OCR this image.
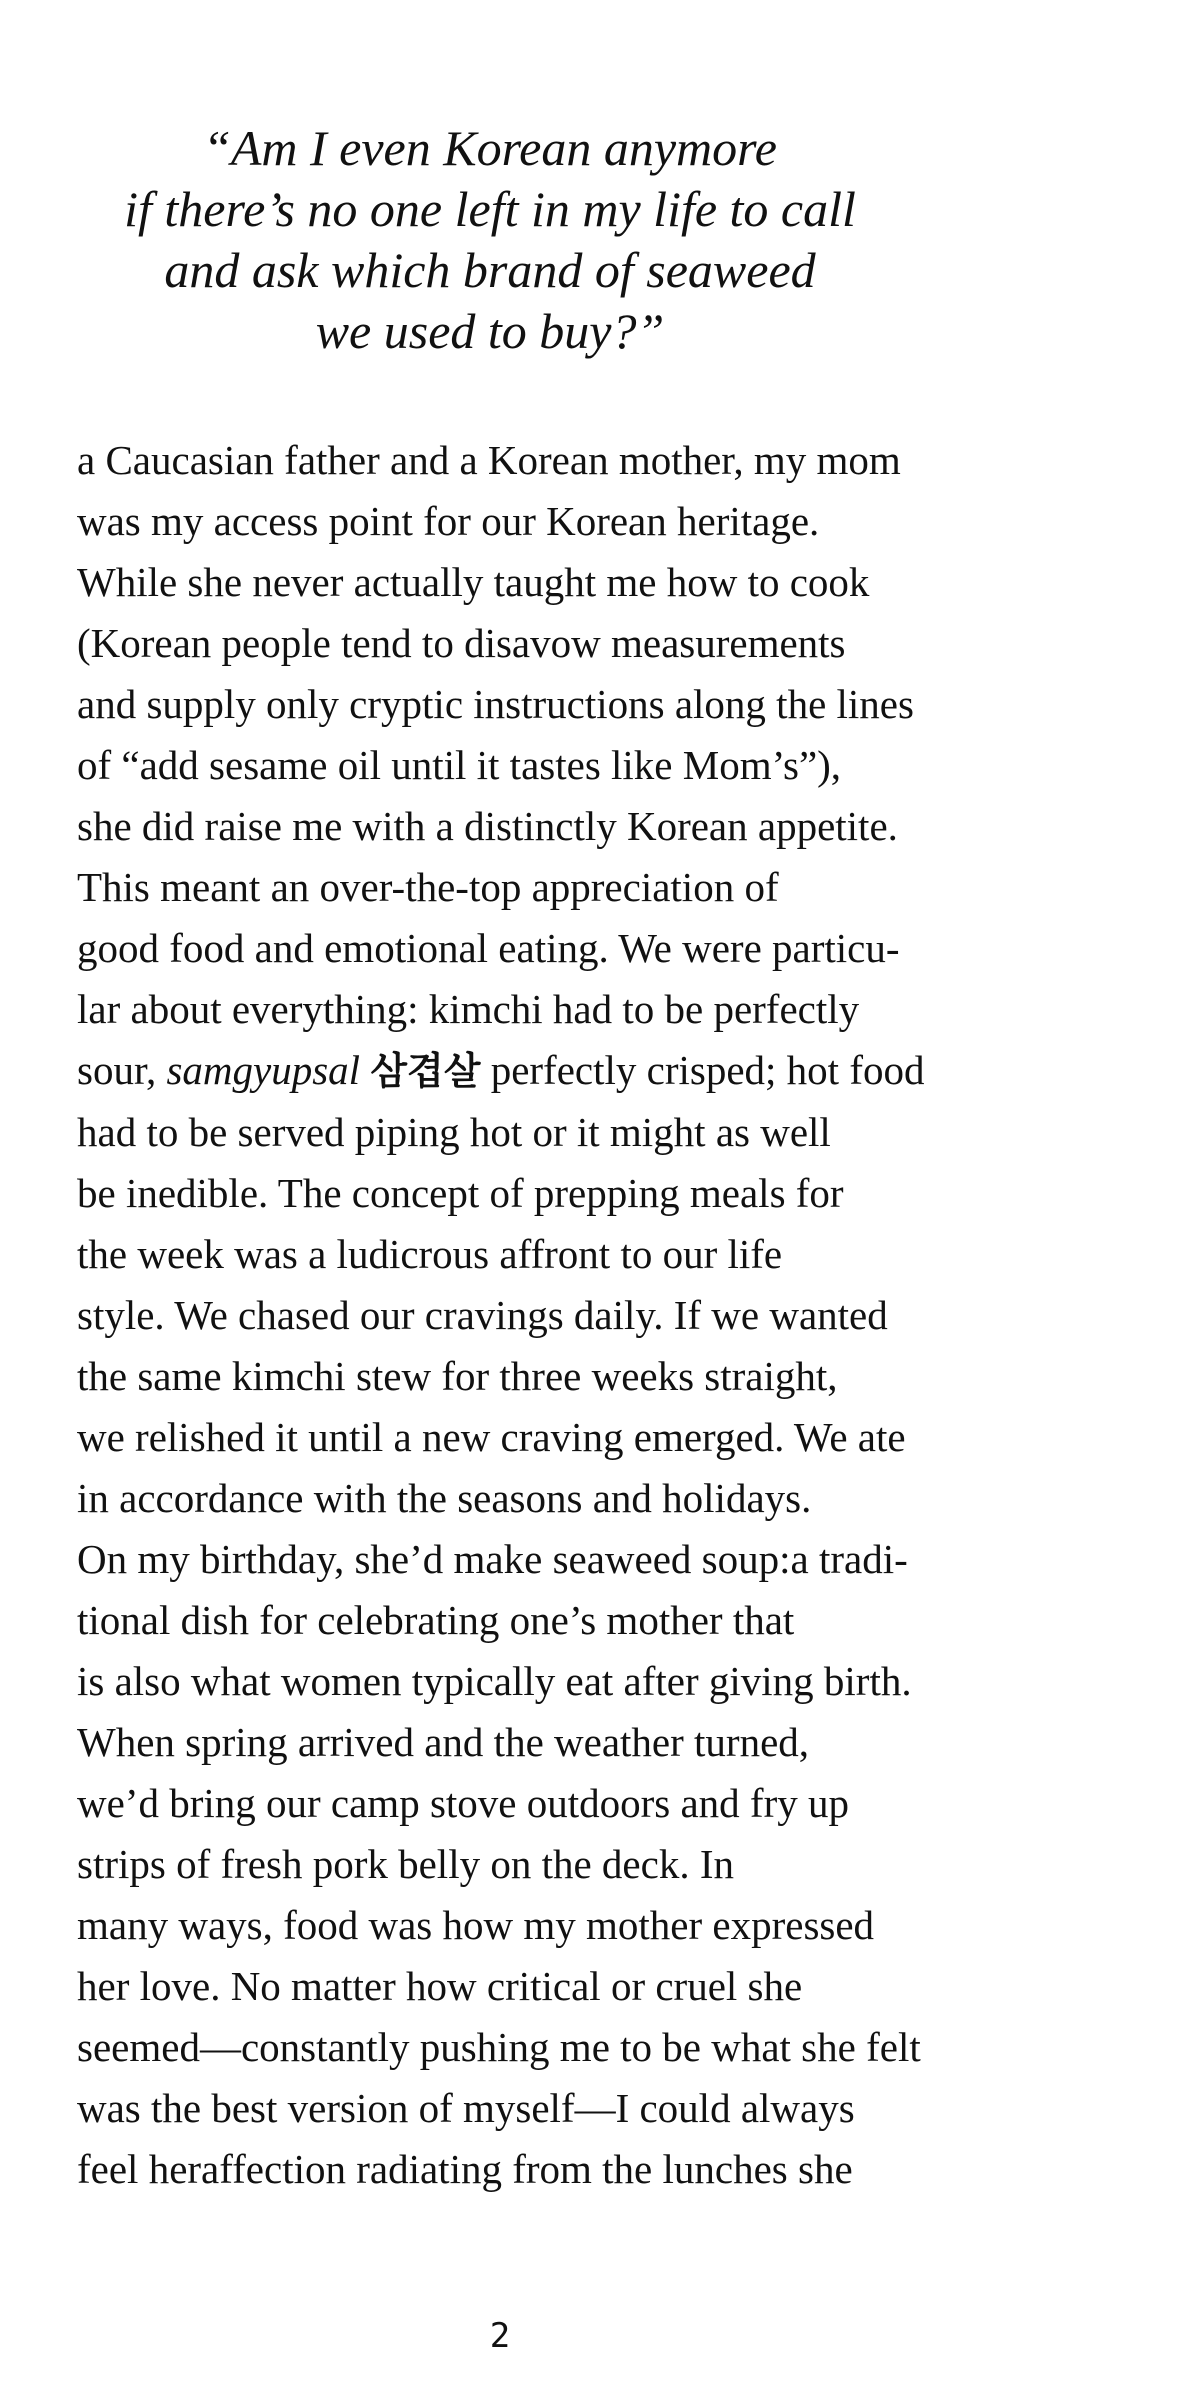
“Am I even Korean anymore
if there’s no one left in my life to call
and ask which brand of seaweed
we used to buy?”
a Caucasian father and a Korean mother, my mom
was my access point for our Korean heritage.
While she never actually taught me how to cook
(Korean people tend to disavow measurements
and supply only cryptic instructions along the lines
of “add sesame oil until it tastes like Mom’s”),
she did raise me with a distinctly Korean appetite.
This meant an over-the-top appreciation of
good food and emotional eating. We were particu-
lar about everything: kimchi had to be perfectly
sour, samgyupsal 삼겹살 perfectly crisped; hot food
had to be served piping hot or it might as well
be inedible. The concept of prepping meals for
the week was a ludicrous affront to our life
style. We chased our cravings daily. If we wanted
the same kimchi stew for three weeks straight,
we relished it until a new craving emerged. We ate
in accordance with the seasons and holidays.
On my birthday, she’d make seaweed soup:a tradi-
tional dish for celebrating one’s mother that
is also what women typically eat after giving birth.
When spring arrived and the weather turned,
we’d bring our camp stove outdoors and fry up
strips of fresh pork belly on the deck. In
many ways, food was how my mother expressed
her love. No matter how critical or cruel she
seemed—constantly pushing me to be what she felt
was the best version of myself—I could always
feel heraffection radiating from the lunches she
2
